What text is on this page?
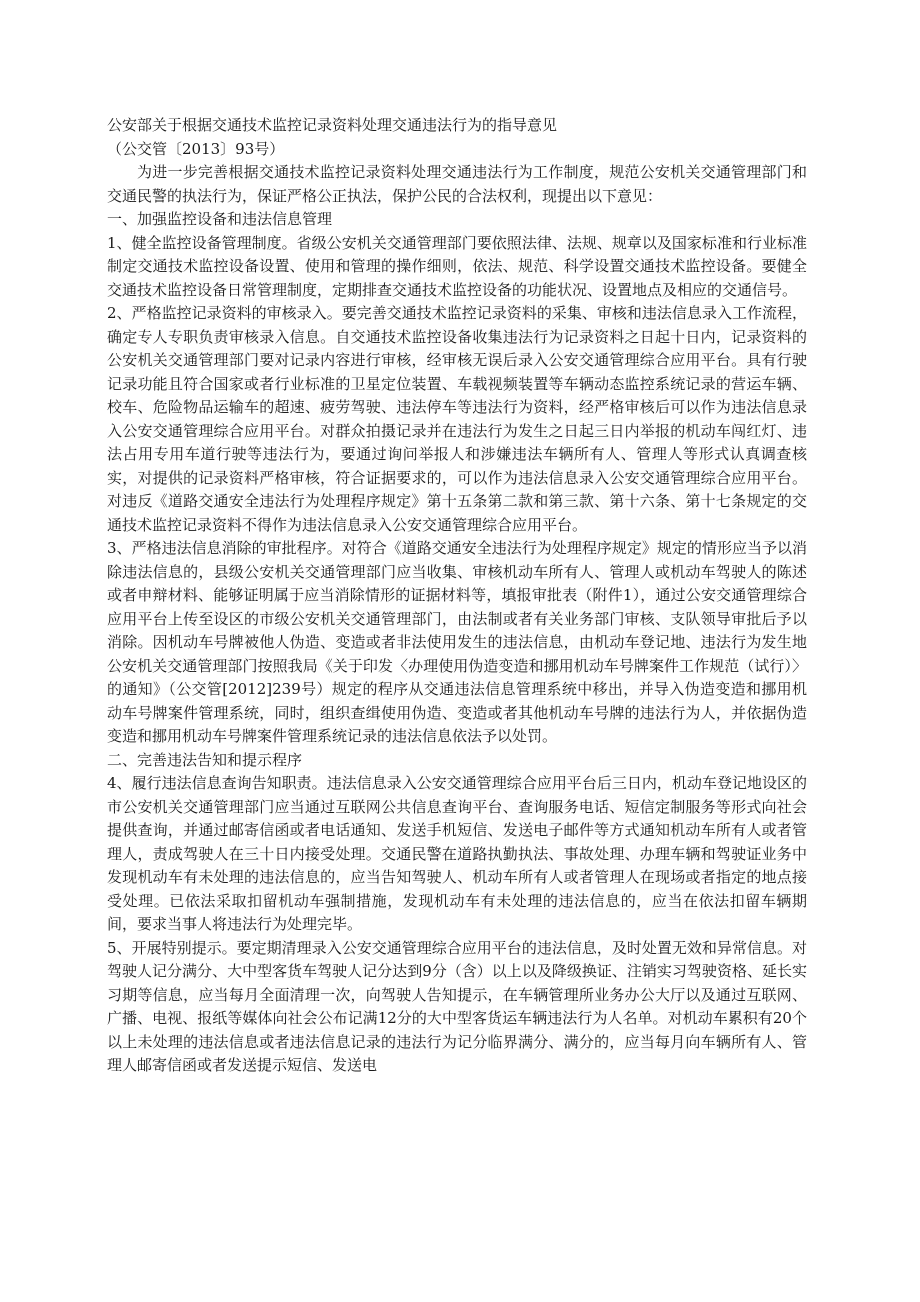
公安部关于根据交通技术监控记录资料处理交通违法行为的指导意见

（公交管〔2013〕93号）

为进一步完善根据交通技术监控记录资料处理交通违法行为工作制度，规范公安机关交通管理部门和交通民警的执法行为，保证严格公正执法，保护公民的合法权利，现提出以下意见：

一、加强监控设备和违法信息管理

1、健全监控设备管理制度。省级公安机关交通管理部门要依照法律、法规、规章以及国家标准和行业标准制定交通技术监控设备设置、使用和管理的操作细则，依法、规范、科学设置交通技术监控设备。要健全交通技术监控设备日常管理制度，定期排查交通技术监控设备的功能状况、设置地点及相应的交通信号。

2、严格监控记录资料的审核录入。要完善交通技术监控记录资料的采集、审核和违法信息录入工作流程，确定专人专职负责审核录入信息。自交通技术监控设备收集违法行为记录资料之日起十日内，记录资料的公安机关交通管理部门要对记录内容进行审核，经审核无误后录入公安交通管理综合应用平台。具有行驶记录功能且符合国家或者行业标准的卫星定位装置、车载视频装置等车辆动态监控系统记录的营运车辆、校车、危险物品运输车的超速、疲劳驾驶、违法停车等违法行为资料，经严格审核后可以作为违法信息录入公安交通管理综合应用平台。对群众拍摄记录并在违法行为发生之日起三日内举报的机动车闯红灯、违法占用专用车道行驶等违法行为，要通过询问举报人和涉嫌违法车辆所有人、管理人等形式认真调查核实，对提供的记录资料严格审核，符合证据要求的，可以作为违法信息录入公安交通管理综合应用平台。对违反《道路交通安全违法行为处理程序规定》第十五条第二款和第三款、第十六条、第十七条规定的交通技术监控记录资料不得作为违法信息录入公安交通管理综合应用平台。

3、严格违法信息消除的审批程序。对符合《道路交通安全违法行为处理程序规定》规定的情形应当予以消除违法信息的，县级公安机关交通管理部门应当收集、审核机动车所有人、管理人或机动车驾驶人的陈述或者申辩材料、能够证明属于应当消除情形的证据材料等，填报审批表（附件1），通过公安交通管理综合应用平台上传至设区的市级公安机关交通管理部门，由法制或者有关业务部门审核、支队领导审批后予以消除。因机动车号牌被他人伪造、变造或者非法使用发生的违法信息，由机动车登记地、违法行为发生地公安机关交通管理部门按照我局《关于印发〈办理使用伪造变造和挪用机动车号牌案件工作规范（试行）〉的通知》（公交管[2012]239号）规定的程序从交通违法信息管理系统中移出，并导入伪造变造和挪用机动车号牌案件管理系统，同时，组织查缉使用伪造、变造或者其他机动车号牌的违法行为人，并依据伪造变造和挪用机动车号牌案件管理系统记录的违法信息依法予以处罚。

二、完善违法告知和提示程序

4、履行违法信息查询告知职责。违法信息录入公安交通管理综合应用平台后三日内，机动车登记地设区的市公安机关交通管理部门应当通过互联网公共信息查询平台、查询服务电话、短信定制服务等形式向社会提供查询，并通过邮寄信函或者电话通知、发送手机短信、发送电子邮件等方式通知机动车所有人或者管理人，责成驾驶人在三十日内接受处理。交通民警在道路执勤执法、事故处理、办理车辆和驾驶证业务中发现机动车有未处理的违法信息的，应当告知驾驶人、机动车所有人或者管理人在现场或者指定的地点接受处理。已依法采取扣留机动车强制措施，发现机动车有未处理的违法信息的，应当在依法扣留车辆期间，要求当事人将违法行为处理完毕。

5、开展特别提示。要定期清理录入公安交通管理综合应用平台的违法信息，及时处置无效和异常信息。对驾驶人记分满分、大中型客货车驾驶人记分达到9分（含）以上以及降级换证、注销实习驾驶资格、延长实习期等信息，应当每月全面清理一次，向驾驶人告知提示，在车辆管理所业务办公大厅以及通过互联网、广播、电视、报纸等媒体向社会公布记满12分的大中型客货运车辆违法行为人名单。对机动车累积有20个以上未处理的违法信息或者违法信息记录的违法行为记分临界满分、满分的，应当每月向车辆所有人、管理人邮寄信函或者发送提示短信、发送电
